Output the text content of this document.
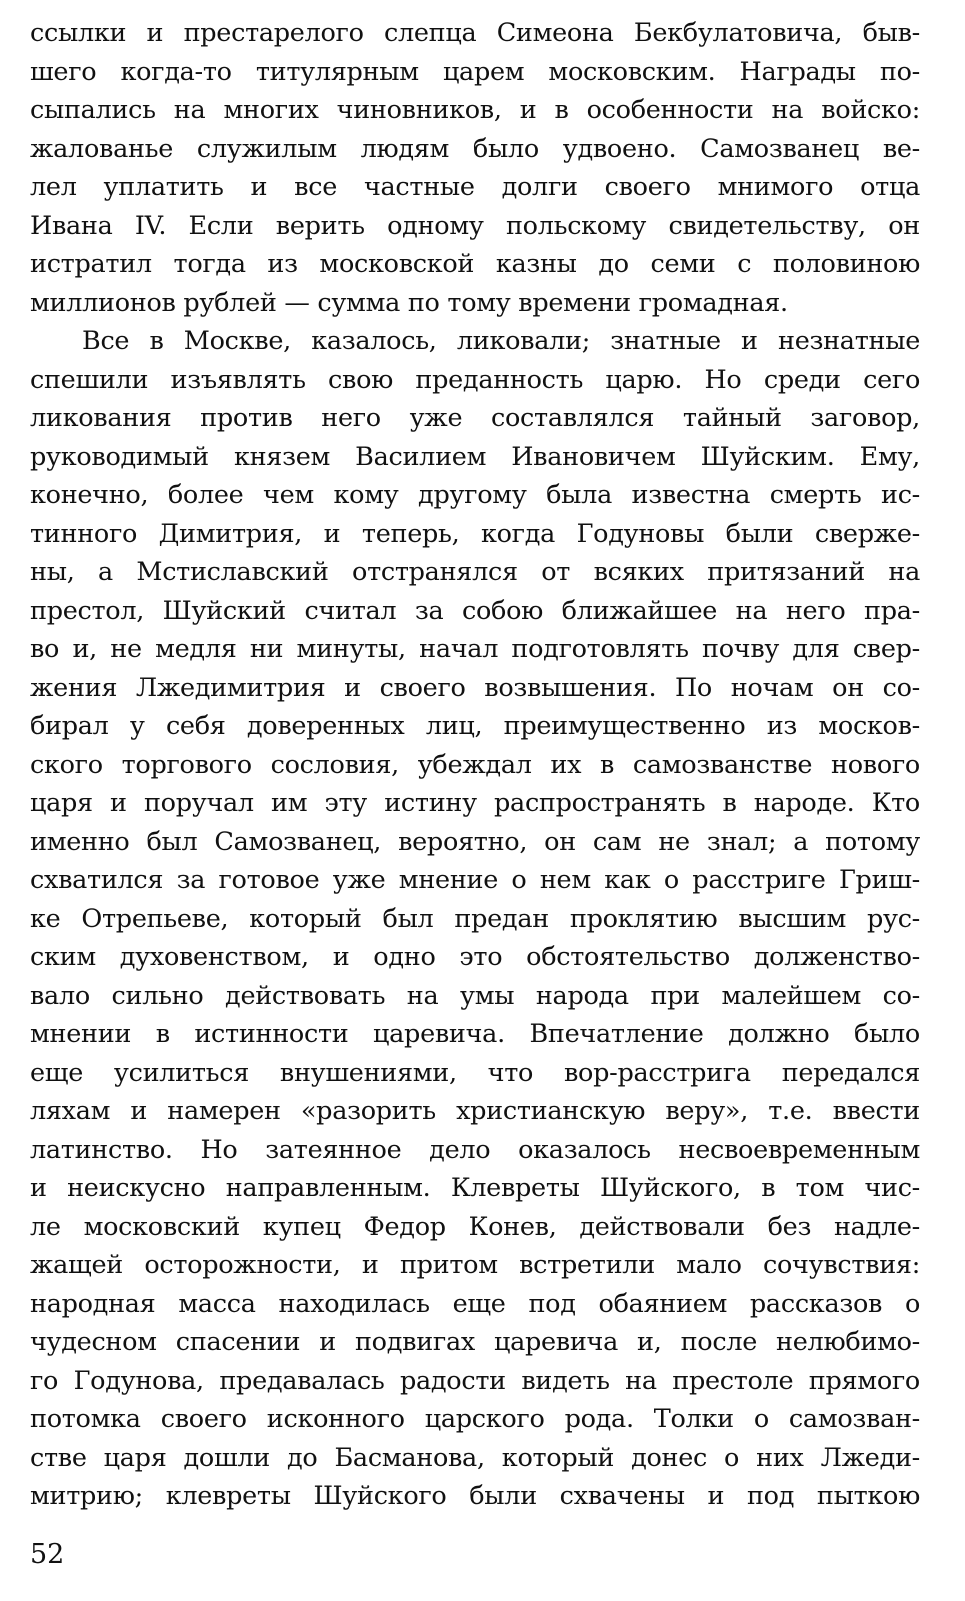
ссылки и престарелого слепца Симеона Бекбулатовича, быв-
шего когда-то титулярным царем московским. Награды по-
сыпались на многих чиновников, и в особенности на войско:
жалованье служилым людям было удвоено. Самозванец ве-
лел уплатить и все частные долги своего мнимого отца
Ивана IV. Если верить одному польскому свидетельству, он
истратил тогда из московской казны до семи с половиною
миллионов рублей — сумма по тому времени громадная.
Все в Москве, казалось, ликовали; знатные и незнатные
спешили изъявлять свою преданность царю. Но среди сего
ликования против него уже составлялся тайный заговор,
руководимый князем Василием Ивановичем Шуйским. Ему,
конечно, более чем кому другому была известна смерть ис-
тинного Димитрия, и теперь, когда Годуновы были сверже-
ны, а Мстиславский отстранялся от всяких притязаний на
престол, Шуйский считал за собою ближайшее на него пра-
во и, не медля ни минуты, начал подготовлять почву для свер-
жения Лжедимитрия и своего возвышения. По ночам он со-
бирал у себя доверенных лиц, преимущественно из москов-
ского торгового сословия, убеждал их в самозванстве нового
царя и поручал им эту истину распространять в народе. Кто
именно был Самозванец, вероятно, он сам не знал; а потому
схватился за готовое уже мнение о нем как о расстриге Гриш-
ке Отрепьеве, который был предан проклятию высшим рус-
ским духовенством, и одно это обстоятельство долженство-
вало сильно действовать на умы народа при малейшем со-
мнении в истинности царевича. Впечатление должно было
еще усилиться внушениями, что вор-расстрига передался
ляхам и намерен «разорить христианскую веру», т.е. ввести
латинство. Но затеянное дело оказалось несвоевременным
и неискусно направленным. Клевреты Шуйского, в том чис-
ле московский купец Федор Конев, действовали без надле-
жащей осторожности, и притом встретили мало сочувствия:
народная масса находилась еще под обаянием рассказов о
чудесном спасении и подвигах царевича и, после нелюбимо-
го Годунова, предавалась радости видеть на престоле прямого
потомка своего исконного царского рода. Толки о самозван-
стве царя дошли до Басманова, который донес о них Лжеди-
митрию; клевреты Шуйского были схвачены и под пыткою
52
